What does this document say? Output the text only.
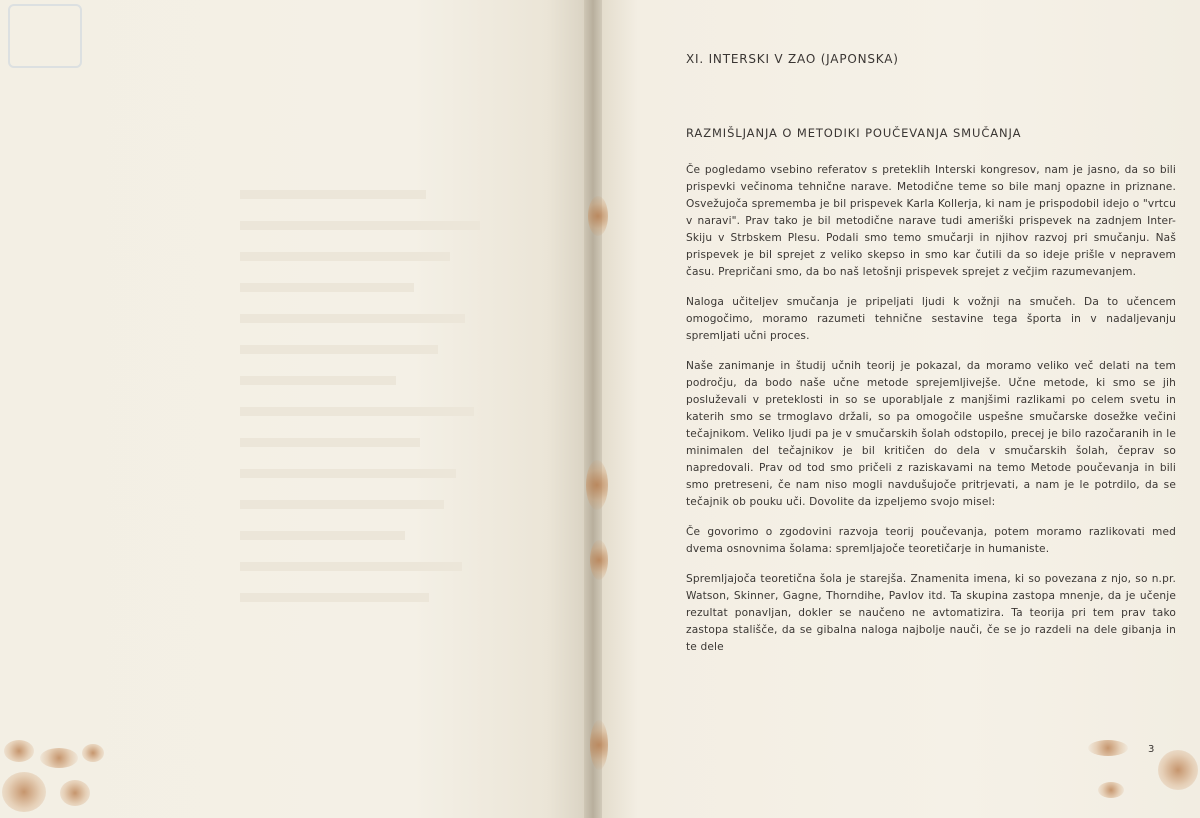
XI. INTERSKI V ZAO (JAPONSKA)
RAZMIŠLJANJA O METODIKI POUČEVANJA SMUČANJA

Če pogledamo vsebino referatov s preteklih Interski kongresov, nam je jasno, da so bili prispevki večinoma tehnične narave. Metodične teme so bile manj opazne in priznane. Osvežujoča sprememba je bil prispevek Karla Kollerja, ki nam je prispodobil idejo o "vrtcu v naravi". Prav tako je bil metodične narave tudi ameriški prispevek na zadnjem Inter-Skiju v Strbskem Plesu. Podali smo temo smučarji in njihov razvoj pri smučanju. Naš prispevek je bil sprejet z veliko skepso in smo kar čutili da so ideje prišle v nepravem času. Prepričani smo, da bo naš letošnji prispevek sprejet z večjim razumevanjem.

Naloga učiteljev smučanja je pripeljati ljudi k vožnji na smučeh. Da to učencem omogočimo, moramo razumeti tehnične sestavine tega športa in v nadaljevanju spremljati učni proces.

Naše zanimanje in študij učnih teorij je pokazal, da moramo veliko več delati na tem področju, da bodo naše učne metode sprejemljivejše. Učne metode, ki smo se jih posluževali v preteklosti in so se uporabljale z manjšimi razlikami po celem svetu in katerih smo se trmoglavo držali, so pa omogočile uspešne smučarske dosežke večini tečajnikom. Veliko ljudi pa je v smučarskih šolah odstopilo, precej je bilo razočaranih in le minimalen del tečajnikov je bil kritičen do dela v smučarskih šolah, čeprav so napredovali. Prav od tod smo pričeli z raziskavami na temo Metode poučevanja in bili smo pretreseni, če nam niso mogli navdušujoče pritrjevati, a nam je le potrdilo, da se tečajnik ob pouku uči. Dovolite da izpeljemo svojo misel:

Če govorimo o zgodovini razvoja teorij poučevanja, potem moramo razlikovati med dvema osnovnima šolama: spremljajoče teoretičarje in humaniste.

Spremljajoča teoretična šola je starejša. Znamenita imena, ki so povezana z njo, so n.pr. Watson, Skinner, Gagne, Thorndihe, Pavlov itd. Ta skupina zastopa mnenje, da je učenje rezultat ponavljan, dokler se naučeno ne avtomatizira. Ta teorija pri tem prav tako zastopa stališče, da se gibalna naloga najbolje nauči, če se jo razdeli na dele gibanja in te dele

3
